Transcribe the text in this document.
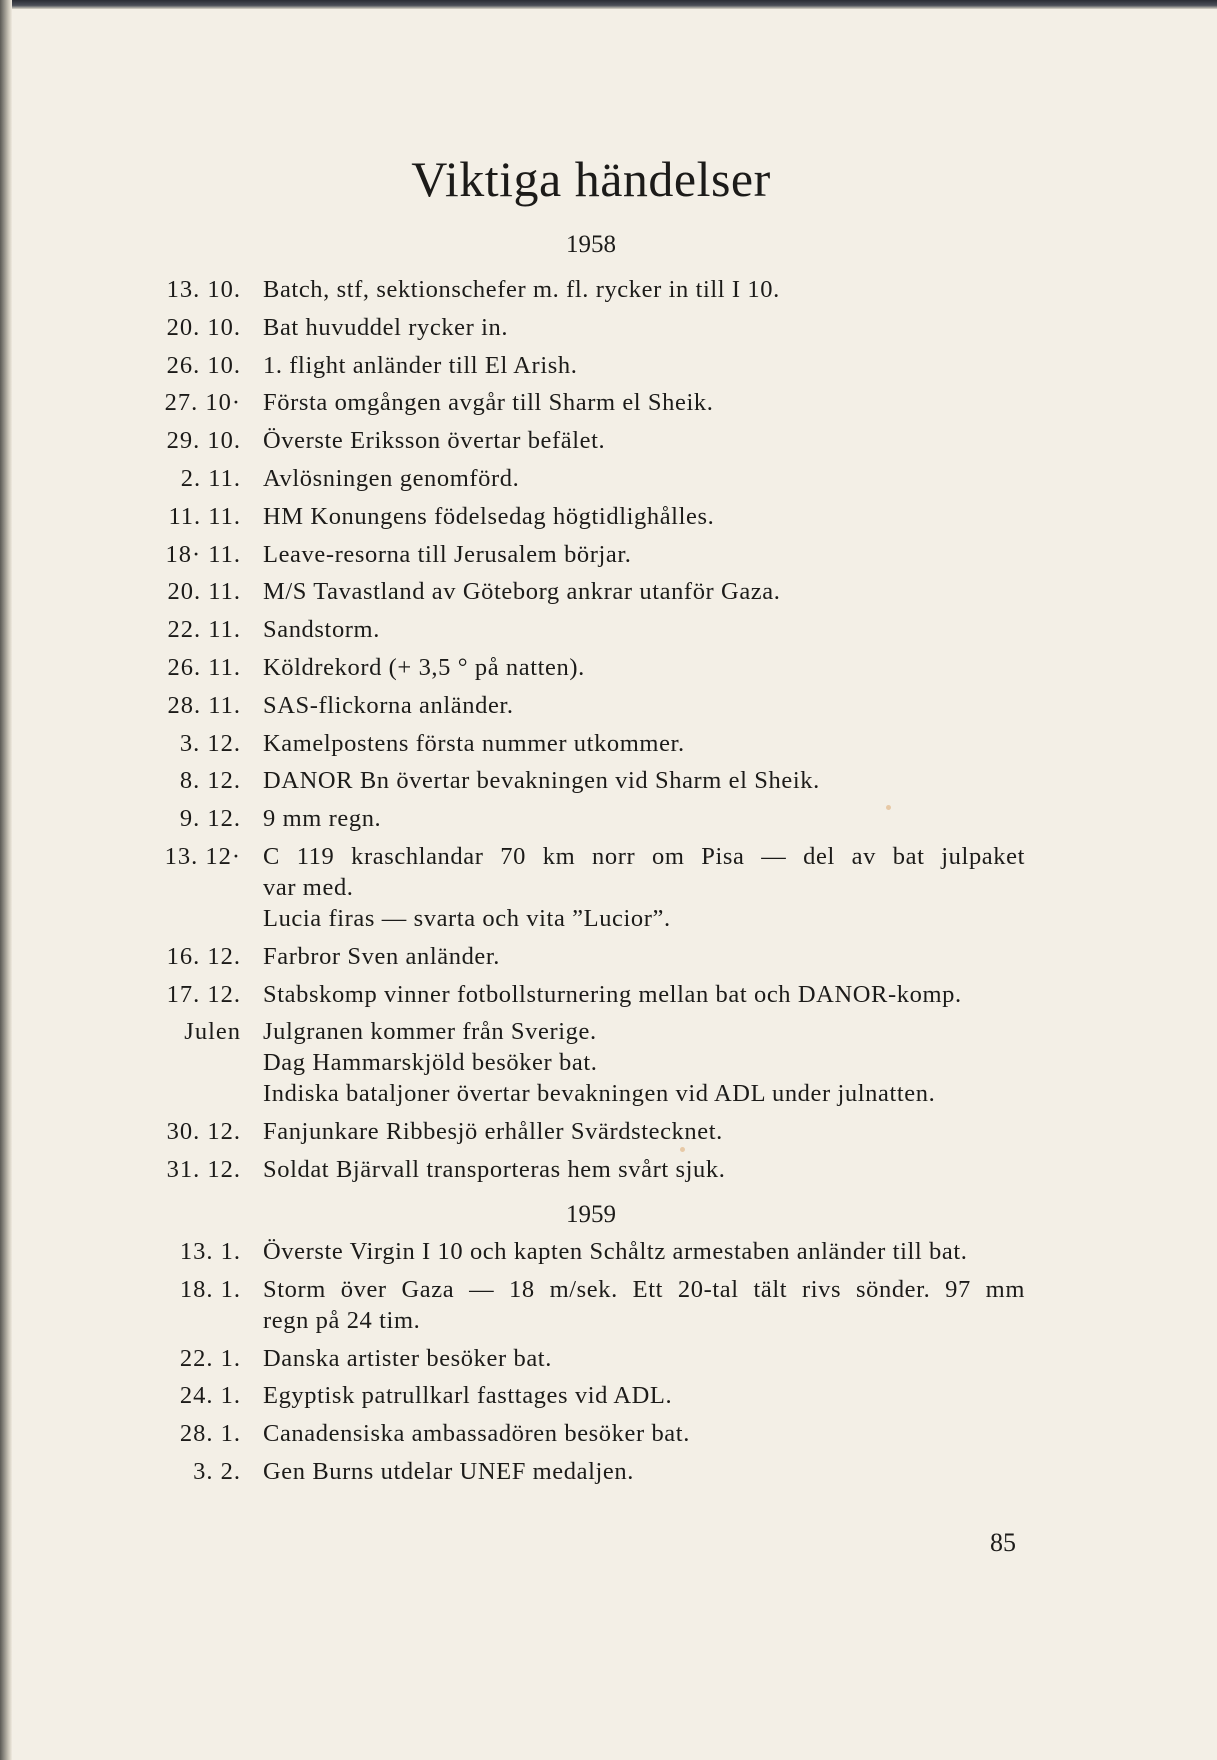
Viktiga händelser
1958
13. 10. Batch, stf, sektionschefer m. fl. rycker in till I 10.
20. 10. Bat huvuddel rycker in.
26. 10. 1. flight anländer till El Arish.
27. 10· Första omgången avgår till Sharm el Sheik.
29. 10. Överste Eriksson övertar befälet.
2. 11. Avlösningen genomförd.
11. 11. HM Konungens födelsedag högtidlighålles.
18· 11. Leave-resorna till Jerusalem börjar.
20. 11. M/S Tavastland av Göteborg ankrar utanför Gaza.
22. 11. Sandstorm.
26. 11. Köldrekord (+ 3,5 ° på natten).
28. 11. SAS-flickorna anländer.
3. 12. Kamelpostens första nummer utkommer.
8. 12. DANOR Bn övertar bevakningen vid Sharm el Sheik.
9. 12. 9 mm regn.
13. 12· C 119 kraschlandar 70 km norr om Pisa — del av bat julpaket
var med.
Lucia firas — svarta och vita ”Lucior”.
16. 12. Farbror Sven anländer.
17. 12. Stabskomp vinner fotbollsturnering mellan bat och DANOR-komp.
Julen Julgranen kommer från Sverige.
Dag Hammarskjöld besöker bat.
Indiska bataljoner övertar bevakningen vid ADL under julnatten.
30. 12. Fanjunkare Ribbesjö erhåller Svärdstecknet.
31. 12. Soldat Bjärvall transporteras hem svårt sjuk.
1959
13. 1. Överste Virgin I 10 och kapten Schåltz armestaben anländer till bat.
18. 1. Storm över Gaza — 18 m/sek. Ett 20-tal tält rivs sönder. 97 mm
regn på 24 tim.
22. 1. Danska artister besöker bat.
24. 1. Egyptisk patrullkarl fasttages vid ADL.
28. 1. Canadensiska ambassadören besöker bat.
3. 2. Gen Burns utdelar UNEF medaljen.
85
